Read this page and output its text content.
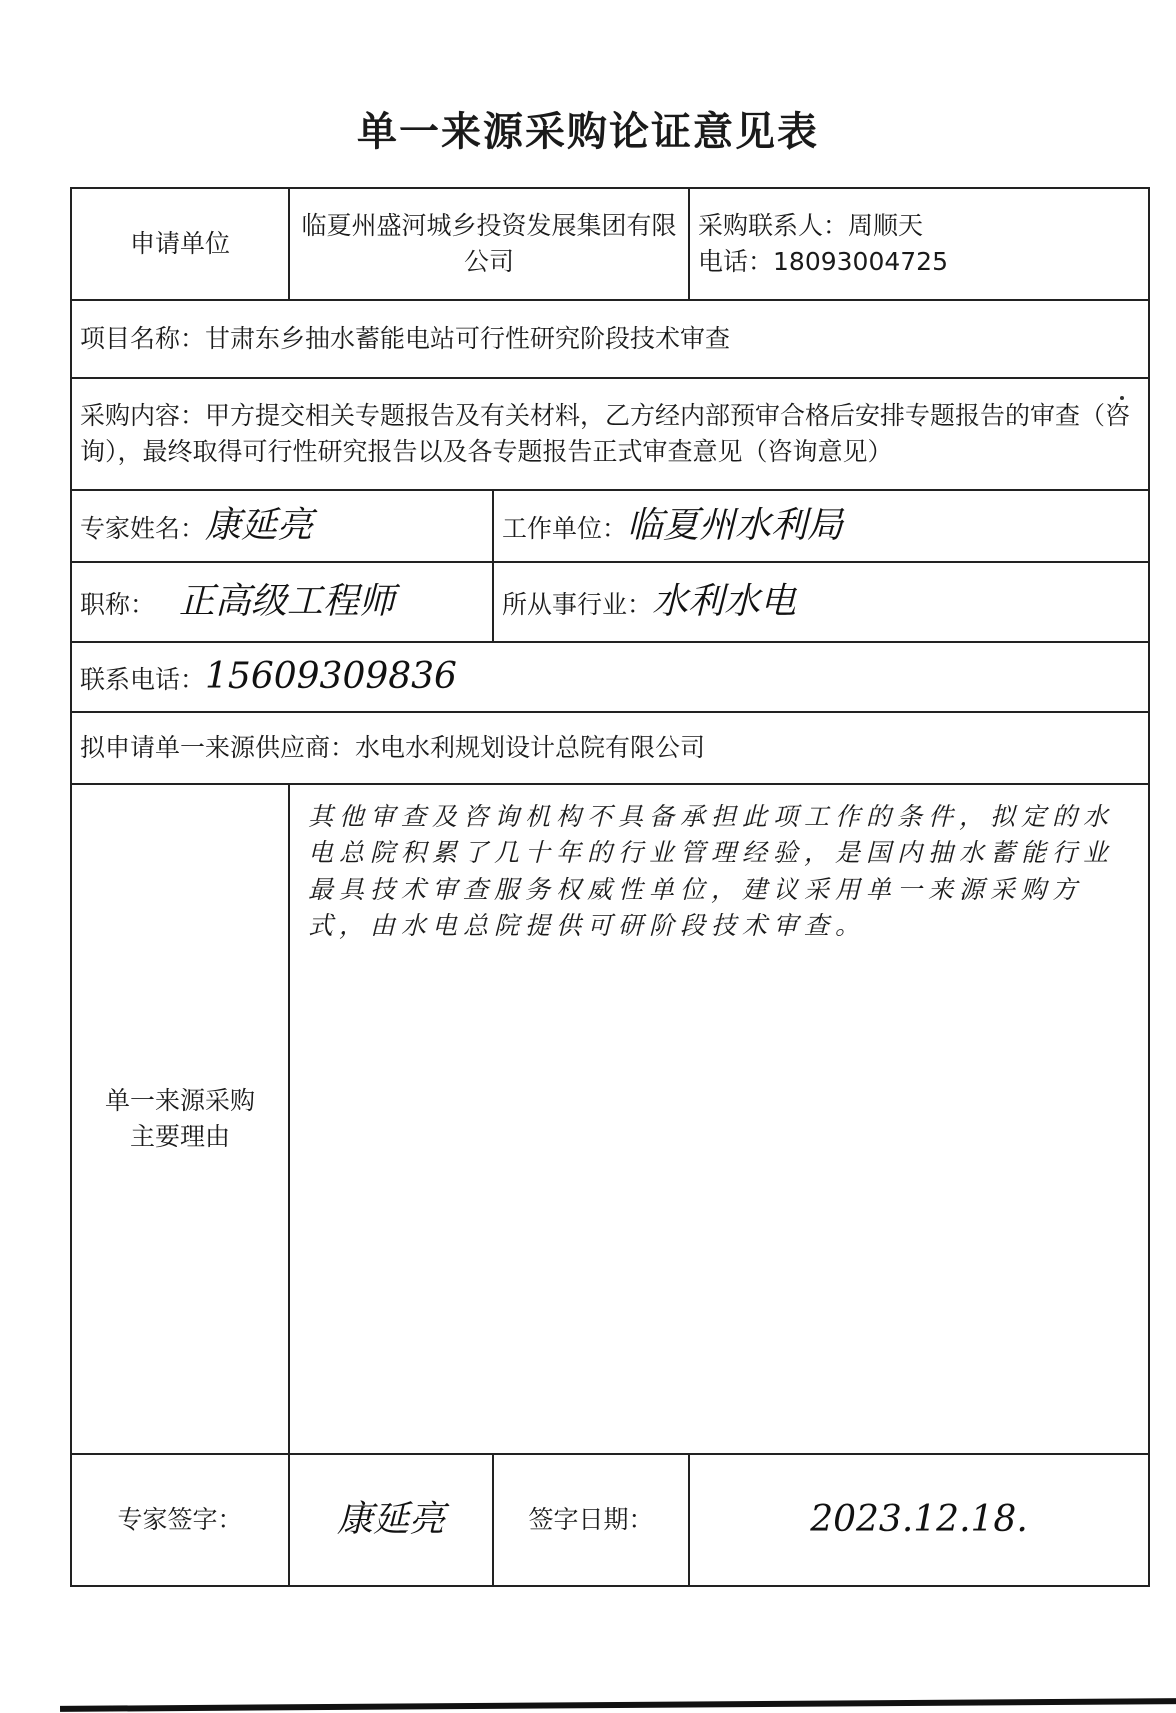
单一来源采购论证意见表
申请单位	临夏州盛河城乡投资发展集团有限公司		采购联系人：周顺天
电话：18093004725

项目名称：甘肃东乡抽水蓄能电站可行性研究阶段技术审查			
采购内容：甲方提交相关专题报告及有关材料，乙方经内部预审合格后安排专题报告的审查（咨询），最终取得可行性研究报告以及各专题报告正式审查意见（咨询意见）			
专家姓名：康延亮		工作单位：临夏州水利局	
职称： 正高级工程师		所从事行业：水利水电	
联系电话：15609309836			
拟申请单一来源供应商：水电水利规划设计总院有限公司			

单一来源采购主要理由	其他审查及咨询机构不具备承担此项工作的条件，拟定的水电总院积累了几十年的行业管理经验，是国内抽水蓄能行业最具技术审查服务权威性单位，建议采用单一来源采购方式，由水电总院提供可研阶段技术审查。		
专家签字：	康延亮	签字日期：	2023.12.18.
